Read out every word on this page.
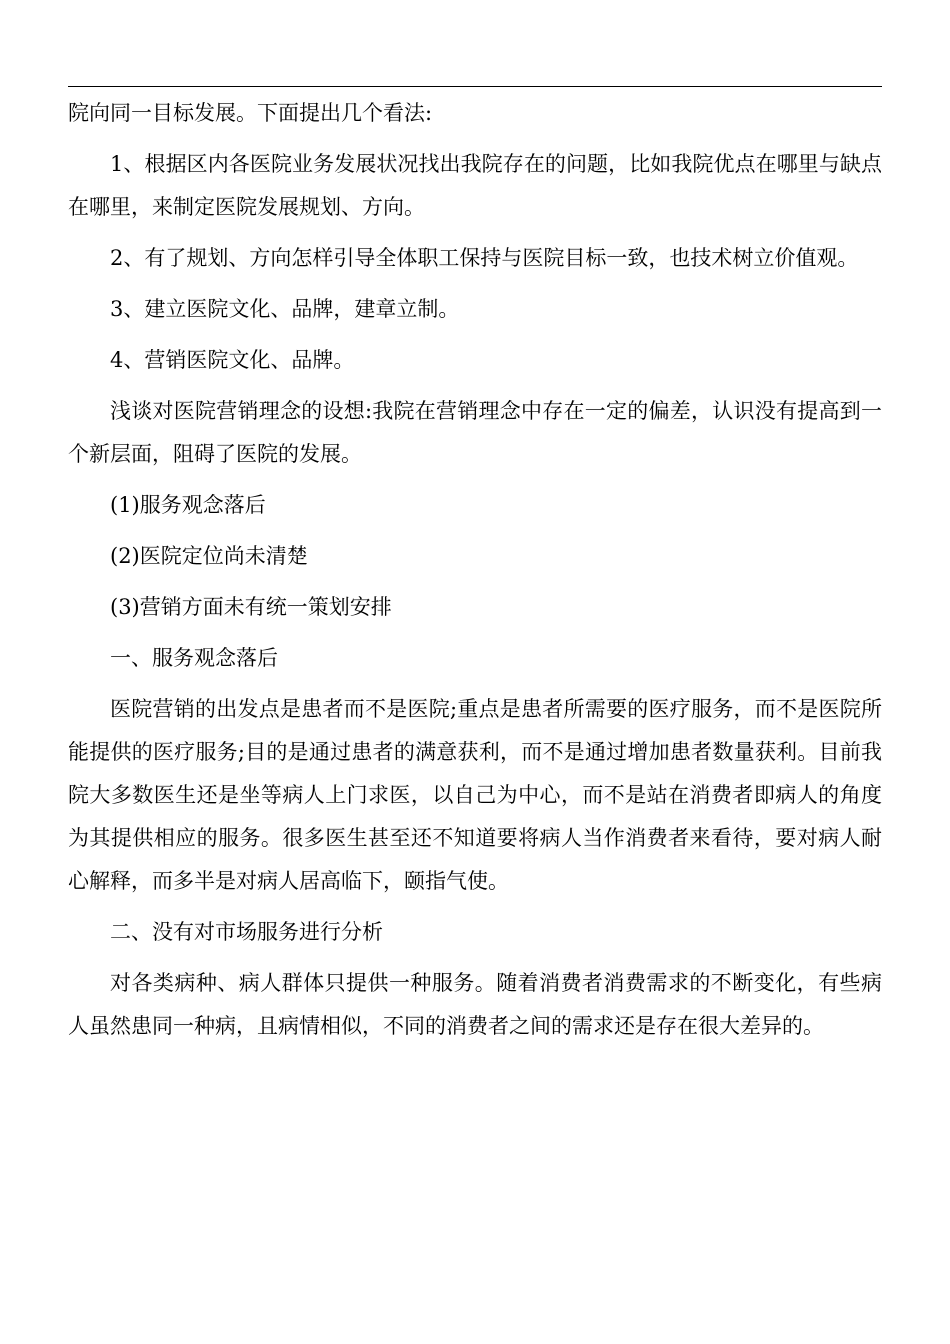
院向同一目标发展。下面提出几个看法:

1、根据区内各医院业务发展状况找出我院存在的问题，比如我院优点在哪里与缺点在哪里，来制定医院发展规划、方向。

2、有了规划、方向怎样引导全体职工保持与医院目标一致，也技术树立价值观。

3、建立医院文化、品牌，建章立制。

4、营销医院文化、品牌。

浅谈对医院营销理念的设想:我院在营销理念中存在一定的偏差，认识没有提高到一个新层面，阻碍了医院的发展。

(1)服务观念落后

(2)医院定位尚未清楚

(3)营销方面未有统一策划安排

一、服务观念落后

医院营销的出发点是患者而不是医院;重点是患者所需要的医疗服务，而不是医院所能提供的医疗服务;目的是通过患者的满意获利，而不是通过增加患者数量获利。目前我院大多数医生还是坐等病人上门求医，以自己为中心，而不是站在消费者即病人的角度为其提供相应的服务。很多医生甚至还不知道要将病人当作消费者来看待，要对病人耐心解释，而多半是对病人居高临下，颐指气使。

二、没有对市场服务进行分析

对各类病种、病人群体只提供一种服务。随着消费者消费需求的不断变化，有些病人虽然患同一种病，且病情相似，不同的消费者之间的需求还是存在很大差异的。
